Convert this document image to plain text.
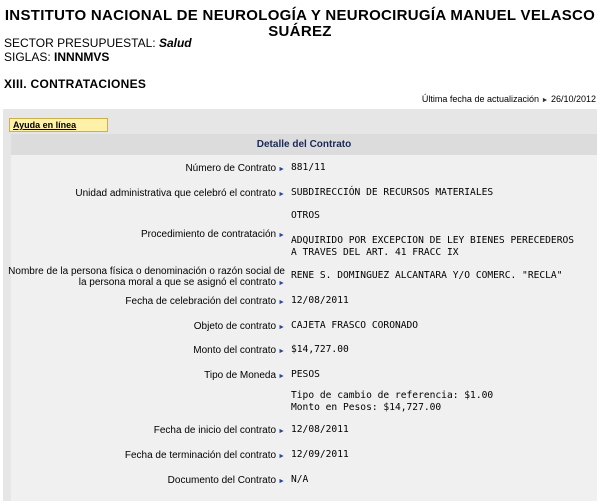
INSTITUTO NACIONAL DE NEUROLOGÍA Y NEUROCIRUGÍA MANUEL VELASCO SUÁREZ
SECTOR PRESUPUESTAL: Salud
SIGLAS: INNNMVS
XIII. CONTRATACIONES
Última fecha de actualización ► 26/10/2012
Ayuda en línea
Detalle del Contrato
Número de Contrato ► 881/11
Unidad administrativa que celebró el contrato ► SUBDIRECCIÓN DE RECURSOS MATERIALES
Procedimiento de contratación ►
OTROS
ADQUIRIDO POR EXCEPCION DE LEY BIENES PERECEDEROS
A TRAVES DEL ART. 41 FRACC IX
Nombre de la persona física o denominación o razón social de
la persona moral a que se asignó el contrato ►
RENE S. DOMINGUEZ ALCANTARA Y/O COMERC. "RECLA"
Fecha de celebración del contrato ► 12/08/2011
Objeto de contrato ► CAJETA FRASCO CORONADO
Monto del contrato ► $14,727.00
Tipo de Moneda ► PESOS
Tipo de cambio de referencia: $1.00
Monto en Pesos: $14,727.00
Fecha de inicio del contrato ► 12/08/2011
Fecha de terminación del contrato ► 12/09/2011
Documento del Contrato ► N/A
